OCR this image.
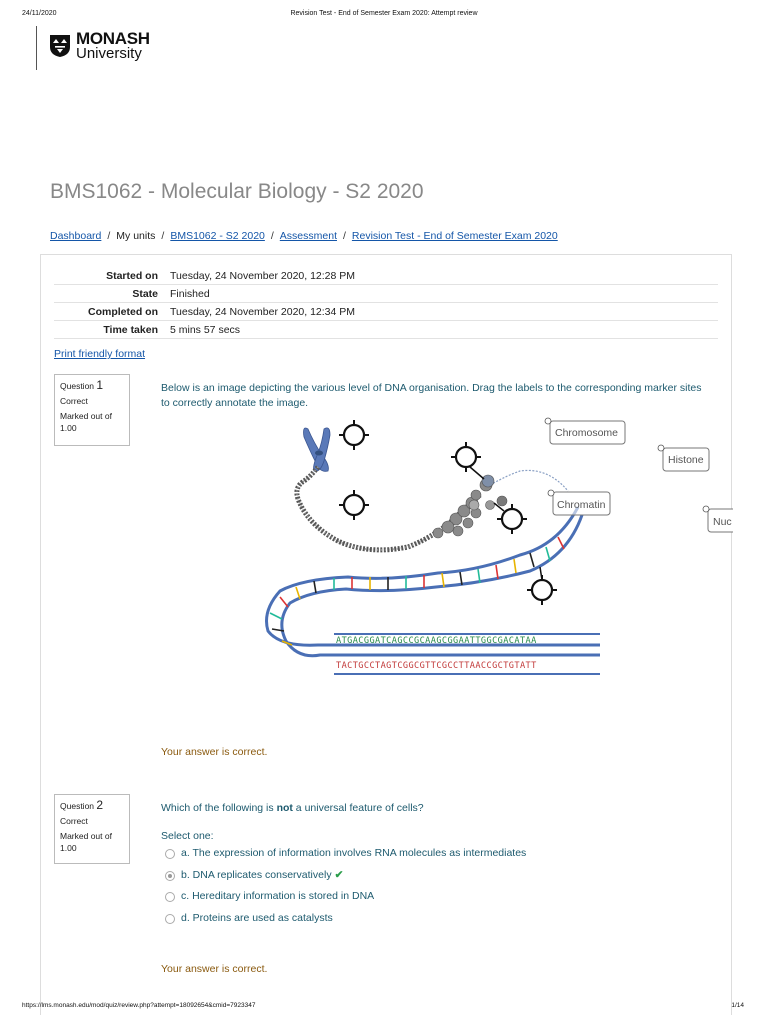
24/11/2020	Revision Test - End of Semester Exam 2020: Attempt review
MONASH
University
BMS1062 - Molecular Biology - S2 2020
Dashboard / My units / BMS1062 - S2 2020 / Assessment / Revision Test - End of Semester Exam 2020
Started on	Tuesday, 24 November 2020, 12:28 PM
State	Finished
Completed on	Tuesday, 24 November 2020, 12:34 PM
Time taken	5 mins 57 secs
Print friendly format
Question 1
Correct
Marked out of 1.00
Below is an image depicting the various level of DNA organisation. Drag the labels to the corresponding marker sites to correctly annotate the image.
ATGACGGATCAGCCGCAAGCGGAATTGGCGACATAA
TACTGCCTAGTCGGCGTTCGCCTTAACCGCTGTATT
Chromosome
Histone
Chromatin
Nuc
Your answer is correct.
Question 2
Correct
Marked out of 1.00
Which of the following is not a universal feature of cells?
Select one:
a. The expression of information involves RNA molecules as intermediates
b. DNA replicates conservatively ✔
c. Hereditary information is stored in DNA
d. Proteins are used as catalysts
Your answer is correct.
https://lms.monash.edu/mod/quiz/review.php?attempt=18092654&cmid=7923347	1/14
